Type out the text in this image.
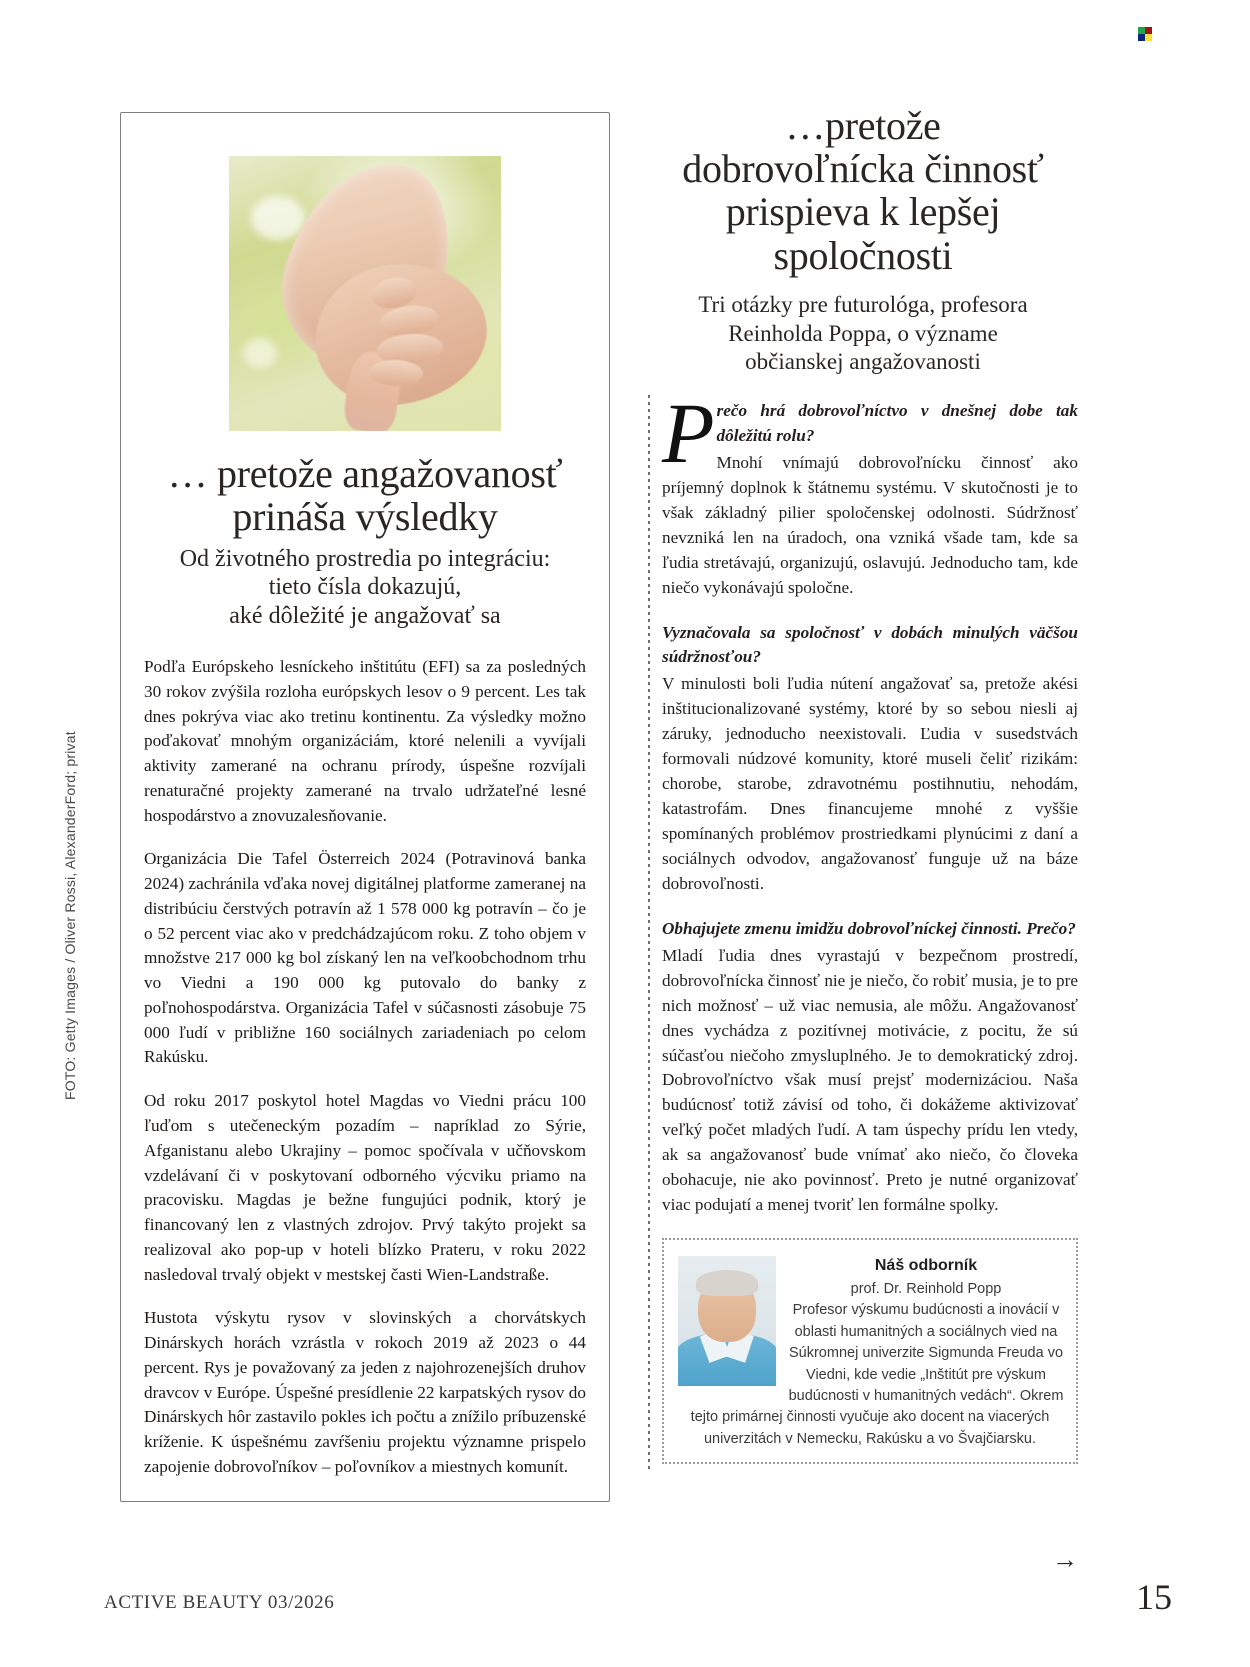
… pretože angažovanosť
prináša výsledky
Od životného prostredia po integráciu:
tieto čísla dokazujú,
aké dôležité je angažovať sa

Podľa Európskeho lesníckeho inštitútu (EFI) sa za posledných 30 rokov zvýšila rozloha európskych lesov o 9 percent. Les tak dnes pokrýva viac ako tretinu kontinentu. Za výsledky možno poďakovať mnohým organizáciám, ktoré nelenili a vyvíjali aktivity zamerané na ochranu prírody, úspešne rozvíjali renaturačné projekty zamerané na trvalo udržateľné lesné hospodárstvo a znovuzalesňovanie.

Organizácia Die Tafel Österreich 2024 (Potravinová banka 2024) zachránila vďaka novej digitálnej platforme zameranej na distribúciu čerstvých potravín až 1 578 000 kg potravín – čo je o 52 percent viac ako v predchádzajúcom roku. Z toho objem v množstve 217 000 kg bol získaný len na veľkoobchodnom trhu vo Viedni a 190 000 kg putovalo do banky z poľnohospodárstva. Organizácia Tafel v súčasnosti zásobuje 75 000 ľudí v približne 160 sociálnych zariadeniach po celom Rakúsku.

Od roku 2017 poskytol hotel Magdas vo Viedni prácu 100 ľuďom s utečeneckým pozadím – napríklad zo Sýrie, Afganistanu alebo Ukrajiny – pomoc spočívala v učňovskom vzdelávaní či v poskytovaní odborného výcviku priamo na pracovisku. Magdas je bežne fungujúci podnik, ktorý je financovaný len z vlastných zdrojov. Prvý takýto projekt sa realizoval ako pop-up v hoteli blízko Prateru, v roku 2022 nasledoval trvalý objekt v mestskej časti Wien-Landstraße.

Hustota výskytu rysov v slovinských a chorvátskych Dinárskych horách vzrástla v rokoch 2019 až 2023 o 44 percent. Rys je považovaný za jeden z najohrozenejších druhov dravcov v Európe. Úspešné presídlenie 22 karpatských rysov do Dinárskych hôr zastavilo pokles ich počtu a znížilo príbuzenské kríženie. K úspešnému zavŕšeniu projektu významne prispelo zapojenie dobrovoľníkov – poľovníkov a miestnych komunít.

…pretože
dobrovoľnícka činnosť
prispieva k lepšej
spoločnosti
Tri otázky pre futurológa, profesora
Reinholda Poppa, o význame
občianskej angažovanosti
P rečo hrá dobrovoľníctvo v dnešnej dobe tak dôležitú rolu?

Mnohí vnímajú dobrovoľnícku činnosť ako príjemný doplnok k štátnemu systému. V skutočnosti je to však základný pilier spoločenskej odolnosti. Súdržnosť nevzniká len na úradoch, ona vzniká všade tam, kde sa ľudia stretávajú, organizujú, oslavujú. Jednoducho tam, kde niečo vykonávajú spoločne.

Vyznačovala sa spoločnosť v dobách minulých väčšou súdržnosťou?

V minulosti boli ľudia nútení angažovať sa, pretože akési inštitucionalizované systémy, ktoré by so sebou niesli aj záruky, jednoducho neexistovali. Ľudia v susedstvách formovali núdzové komunity, ktoré museli čeliť rizikám: chorobe, starobe, zdravotnému postihnutiu, nehodám, katastrofám. Dnes financujeme mnohé z vyššie spomínaných problémov prostriedkami plynúcimi z daní a sociálnych odvodov, angažovanosť funguje už na báze dobrovoľnosti.

Obhajujete zmenu imidžu dobrovoľníckej činnosti. Prečo?

Mladí ľudia dnes vyrastajú v bezpečnom prostredí, dobrovoľnícka činnosť nie je niečo, čo robiť musia, je to pre nich možnosť – už viac nemusia, ale môžu. Angažovanosť dnes vychádza z pozitívnej motivácie, z pocitu, že sú súčasťou niečoho zmysluplného. Je to demokratický zdroj. Dobrovoľníctvo však musí prejsť modernizáciou. Naša budúcnosť totiž závisí od toho, či dokážeme aktivizovať veľký počet mladých ľudí. A tam úspechy prídu len vtedy, ak sa angažovanosť bude vnímať ako niečo, čo človeka obohacuje, nie ako povinnosť. Preto je nutné organizovať viac podujatí a menej tvoriť len formálne spolky.

Náš odborník

prof. Dr. Reinhold Popp

Profesor výskumu budúcnosti a inovácií v oblasti humanitných a sociálnych vied na Súkromnej univerzite Sigmunda Freuda vo Viedni, kde vedie „Inštitút pre výskum budúcnosti v humanitných vedách“. Okrem tejto primárnej činnosti vyučuje ako docent na viacerých univerzitách v Nemecku, Rakúsku a vo Švajčiarsku.

→
FOTO: Getty Images / Oliver Rossi, AlexanderFord; privat
ACTIVE BEAUTY 03/2026	15
